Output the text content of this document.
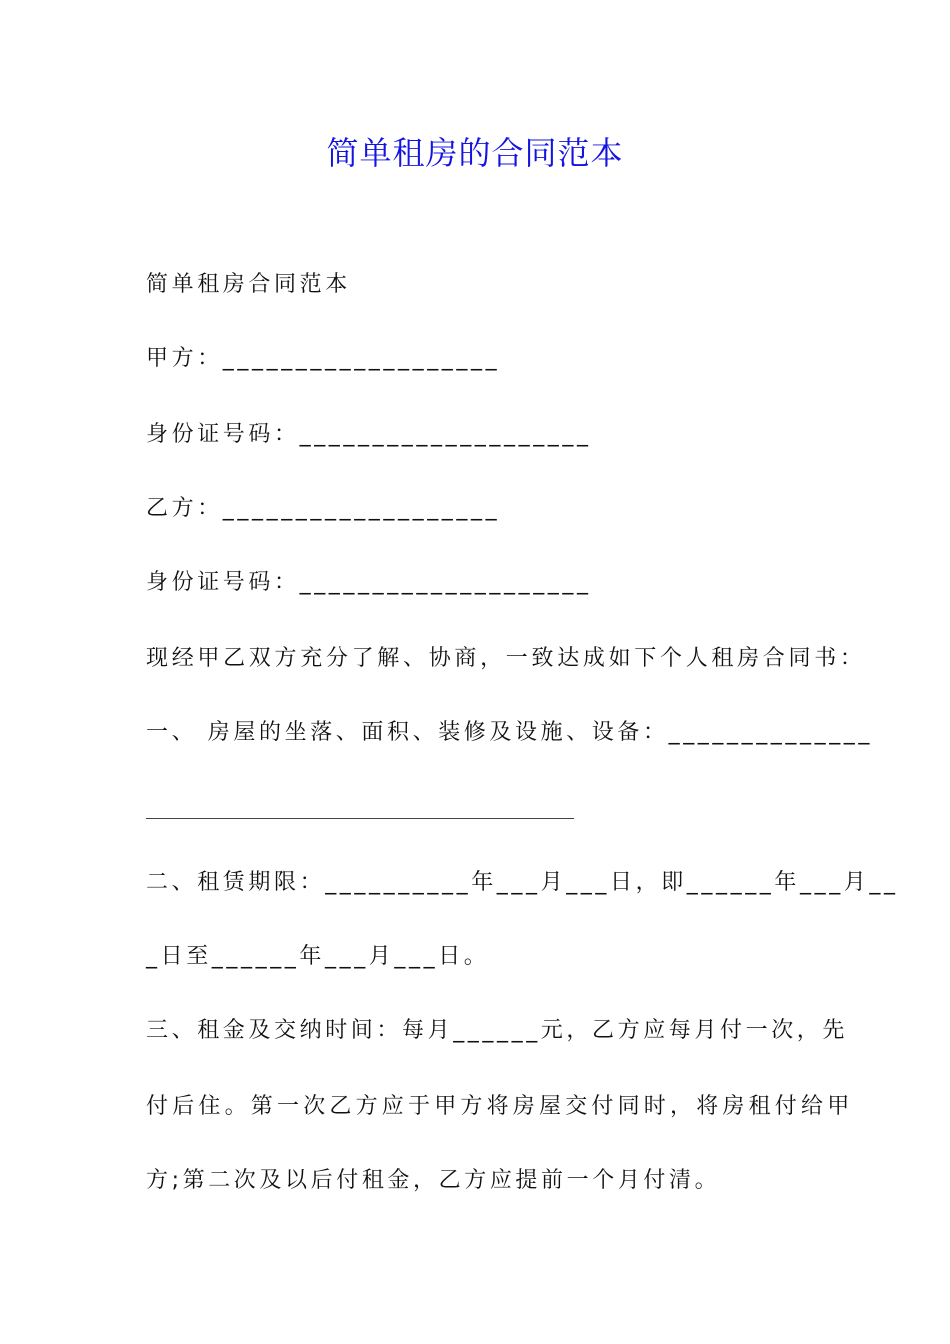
简单租房的合同范本
简单租房合同范本
甲方：___________________
身份证号码：____________________
乙方：___________________
身份证号码：____________________
现经甲乙双方充分了解、协商，一致达成如下个人租房合同书：
一、 房屋的坐落、面积、装修及设施、设备：______________
二、租赁期限：__________年___月___日，即______年___月__
_日至______年___月___日。
三、租金及交纳时间：每月______元，乙方应每月付一次，先
付后住。第一次乙方应于甲方将房屋交付同时，将房租付给甲
方;第二次及以后付租金，乙方应提前一个月付清。
